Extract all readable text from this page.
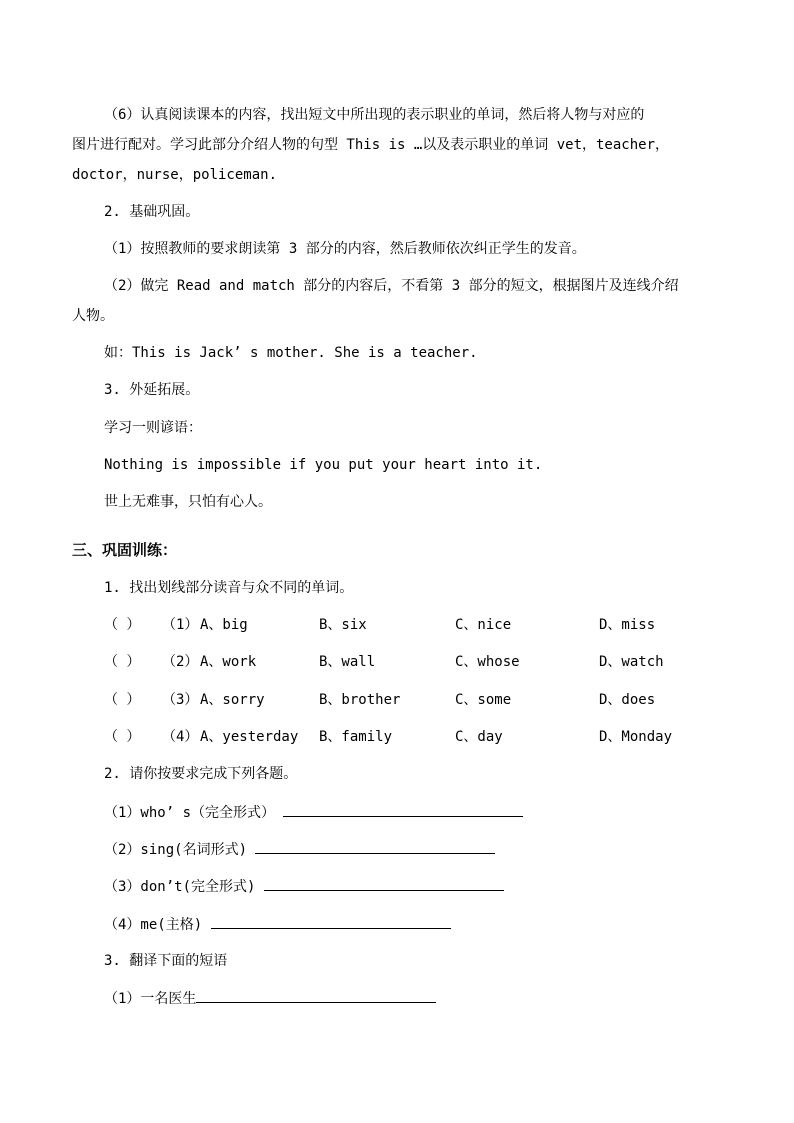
（6）认真阅读课本的内容，找出短文中所出现的表示职业的单词，然后将人物与对应的
图片进行配对。学习此部分介绍人物的句型 This is …以及表示职业的单词 vet，teacher，
doctor，nurse，policeman.
2. 基础巩固。
（1）按照教师的要求朗读第 3 部分的内容，然后教师依次纠正学生的发音。
（2）做完 Read and match 部分的内容后，不看第 3 部分的短文，根据图片及连线介绍
人物。
如：This is Jack’ s mother. She is a teacher.
3. 外延拓展。
学习一则谚语：
Nothing is impossible if you put your heart into it.
世上无难事，只怕有心人。
三、巩固训练：
1. 找出划线部分读音与众不同的单词。
（ ） （1） A、big	B、six	C、nice	D、miss
（ ） （2） A、work	B、wall	C、whose	D、watch
（ ） （3） A、sorry	B、brother	C、some	D、does
（ ） （4） A、yesterday B、family	C、day	D、Monday
2. 请你按要求完成下列各题。
（1）who’ s（完全形式）
（2）sing(名词形式)
（3）don’t(完全形式)
（4）me(主格)
3. 翻译下面的短语
（1）一名医生
